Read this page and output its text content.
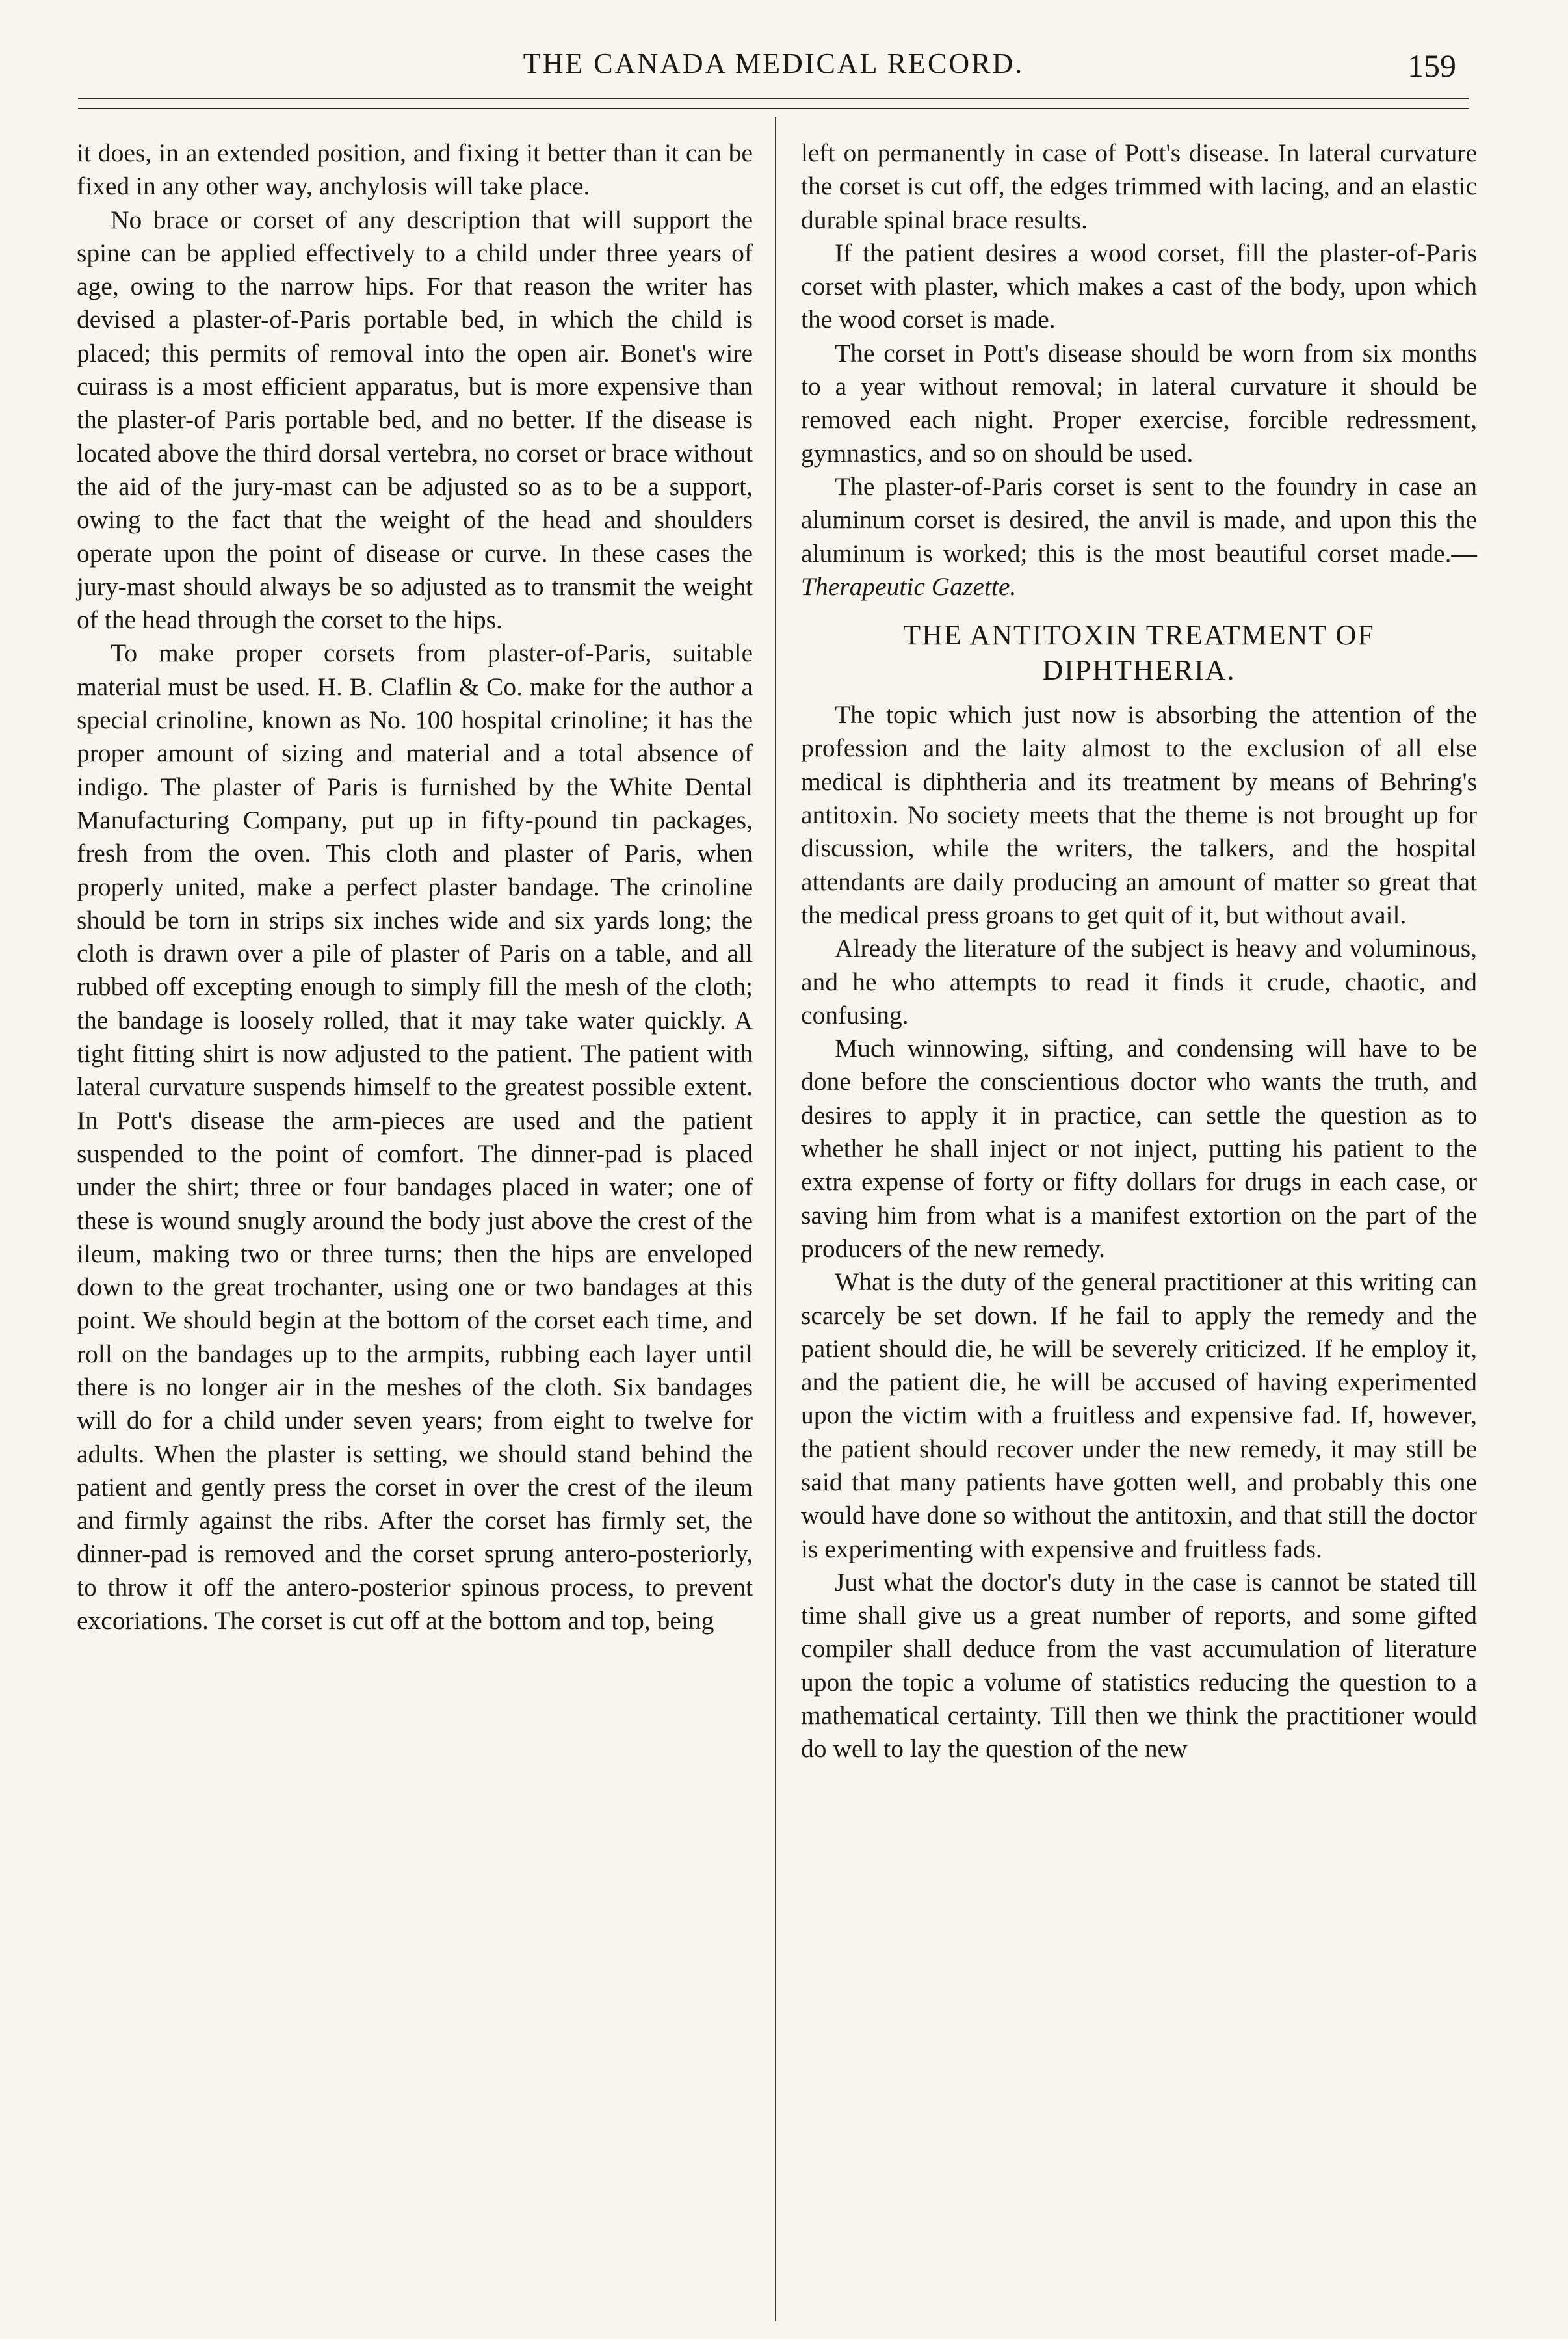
THE CANADA MEDICAL RECORD.	159

it does, in an extended position, and fixing it better than it can be fixed in any other way, anchylosis will take place.

No brace or corset of any description that will support the spine can be applied effectively to a child under three years of age, owing to the narrow hips. For that reason the writer has devised a plaster-of-Paris portable bed, in which the child is placed; this permits of removal into the open air. Bonet's wire cuirass is a most efficient apparatus, but is more expensive than the plaster-of Paris portable bed, and no better. If the disease is located above the third dorsal vertebra, no corset or brace without the aid of the jury-mast can be adjusted so as to be a support, owing to the fact that the weight of the head and shoulders operate upon the point of disease or curve. In these cases the jury-mast should always be so adjusted as to transmit the weight of the head through the corset to the hips.

To make proper corsets from plaster-of-Paris, suitable material must be used. H. B. Claflin & Co. make for the author a special crinoline, known as No. 100 hospital crinoline; it has the proper amount of sizing and material and a total absence of indigo. The plaster of Paris is furnished by the White Dental Manufacturing Company, put up in fifty-pound tin packages, fresh from the oven. This cloth and plaster of Paris, when properly united, make a perfect plaster bandage. The crinoline should be torn in strips six inches wide and six yards long; the cloth is drawn over a pile of plaster of Paris on a table, and all rubbed off excepting enough to simply fill the mesh of the cloth; the bandage is loosely rolled, that it may take water quickly. A tight fitting shirt is now adjusted to the patient. The patient with lateral curvature suspends himself to the greatest possible extent. In Pott's disease the arm-pieces are used and the patient suspended to the point of comfort. The dinner-pad is placed under the shirt; three or four bandages placed in water; one of these is wound snugly around the body just above the crest of the ileum, making two or three turns; then the hips are enveloped down to the great trochanter, using one or two bandages at this point. We should begin at the bottom of the corset each time, and roll on the bandages up to the armpits, rubbing each layer until there is no longer air in the meshes of the cloth. Six bandages will do for a child under seven years; from eight to twelve for adults. When the plaster is setting, we should stand behind the patient and gently press the corset in over the crest of the ileum and firmly against the ribs. After the corset has firmly set, the dinner-pad is removed and the corset sprung antero-posteriorly, to throw it off the antero-posterior spinous process, to prevent excoriations. The corset is cut off at the bottom and top, being

left on permanently in case of Pott's disease. In lateral curvature the corset is cut off, the edges trimmed with lacing, and an elastic durable spinal brace results.

If the patient desires a wood corset, fill the plaster-of-Paris corset with plaster, which makes a cast of the body, upon which the wood corset is made.

The corset in Pott's disease should be worn from six months to a year without removal; in lateral curvature it should be removed each night. Proper exercise, forcible redressment, gymnastics, and so on should be used.

The plaster-of-Paris corset is sent to the foundry in case an aluminum corset is desired, the anvil is made, and upon this the aluminum is worked; this is the most beautiful corset made.— Therapeutic Gazette.

THE ANTITOXIN TREATMENT OF
DIPHTHERIA.

The topic which just now is absorbing the attention of the profession and the laity almost to the exclusion of all else medical is diphtheria and its treatment by means of Behring's antitoxin. No society meets that the theme is not brought up for discussion, while the writers, the talkers, and the hospital attendants are daily producing an amount of matter so great that the medical press groans to get quit of it, but without avail.

Already the literature of the subject is heavy and voluminous, and he who attempts to read it finds it crude, chaotic, and confusing.

Much winnowing, sifting, and condensing will have to be done before the conscientious doctor who wants the truth, and desires to apply it in practice, can settle the question as to whether he shall inject or not inject, putting his patient to the extra expense of forty or fifty dollars for drugs in each case, or saving him from what is a manifest extortion on the part of the producers of the new remedy.

What is the duty of the general practitioner at this writing can scarcely be set down. If he fail to apply the remedy and the patient should die, he will be severely criticized. If he employ it, and the patient die, he will be accused of having experimented upon the victim with a fruitless and expensive fad. If, however, the patient should recover under the new remedy, it may still be said that many patients have gotten well, and probably this one would have done so without the antitoxin, and that still the doctor is experimenting with expensive and fruitless fads.

Just what the doctor's duty in the case is cannot be stated till time shall give us a great number of reports, and some gifted compiler shall deduce from the vast accumulation of literature upon the topic a volume of statistics reducing the question to a mathematical certainty. Till then we think the practitioner would do well to lay the question of the new
